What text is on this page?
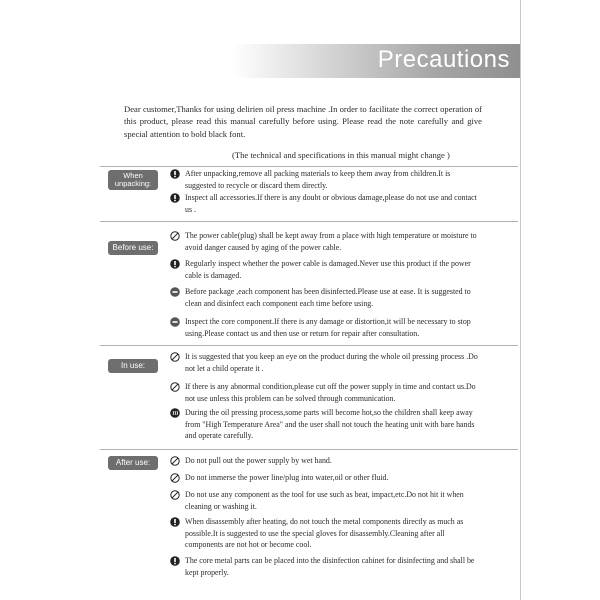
Precautions
Dear customer,Thanks for using delirien oil press machine .In order to facilitate the correct operation of this product, please read this manual carefully before using. Please read the note carefully and give special attention to bold black font.
(The technical and specifications in this manual might change )
When unpacking:
After unpacking,remove all packing materials to keep them away from children.It is suggested to recycle or discard them directly.
Inspect all accessories.If there is any doubt or obvious damage,please do not use and contact us .
Before use:
The power cable(plug) shall be kept away from a place with high temperature or moisture to avoid danger caused by aging of the power cable.
Regularly inspect whether the power cable is damaged.Never use this product if the power cable is damaged.
Before package ,each component has been disinfected.Please use at ease. It is suggested to clean and disinfect each component each time before using.
Inspect the core component.If there is any damage or distortion,it will be necessary to stop using.Please contact us and then use or return for repair after consultation.
In use:
It is suggested that you keep an eye on the product during the whole oil pressing process .Do not let a child operate it .
If there is any abnormal condition,please cut off the power supply in time and contact us.Do not use unless this problem can be solved through communication.
During the oil pressing process,some parts will become hot,so the children shall keep away from "High Temperature Area" and the user shall not touch the heating unit with bare hands and operate carefully.
After use:	Do not pull out the power supply by wet hand.
Do not immerse the power line/plug into water,oil or other fluid.
Do not use any component as the tool for use such as beat, impact,etc.Do not hit it when cleaning or washing it.
When disassembly after heating, do not touch the metal components directly as much as possible.It is suggested to use the special gloves for disassembly.Cleaning after all components are not hot or become cool.
The core metal parts can be placed into the disinfection cabinet for disinfecting and shall be kept properly.
